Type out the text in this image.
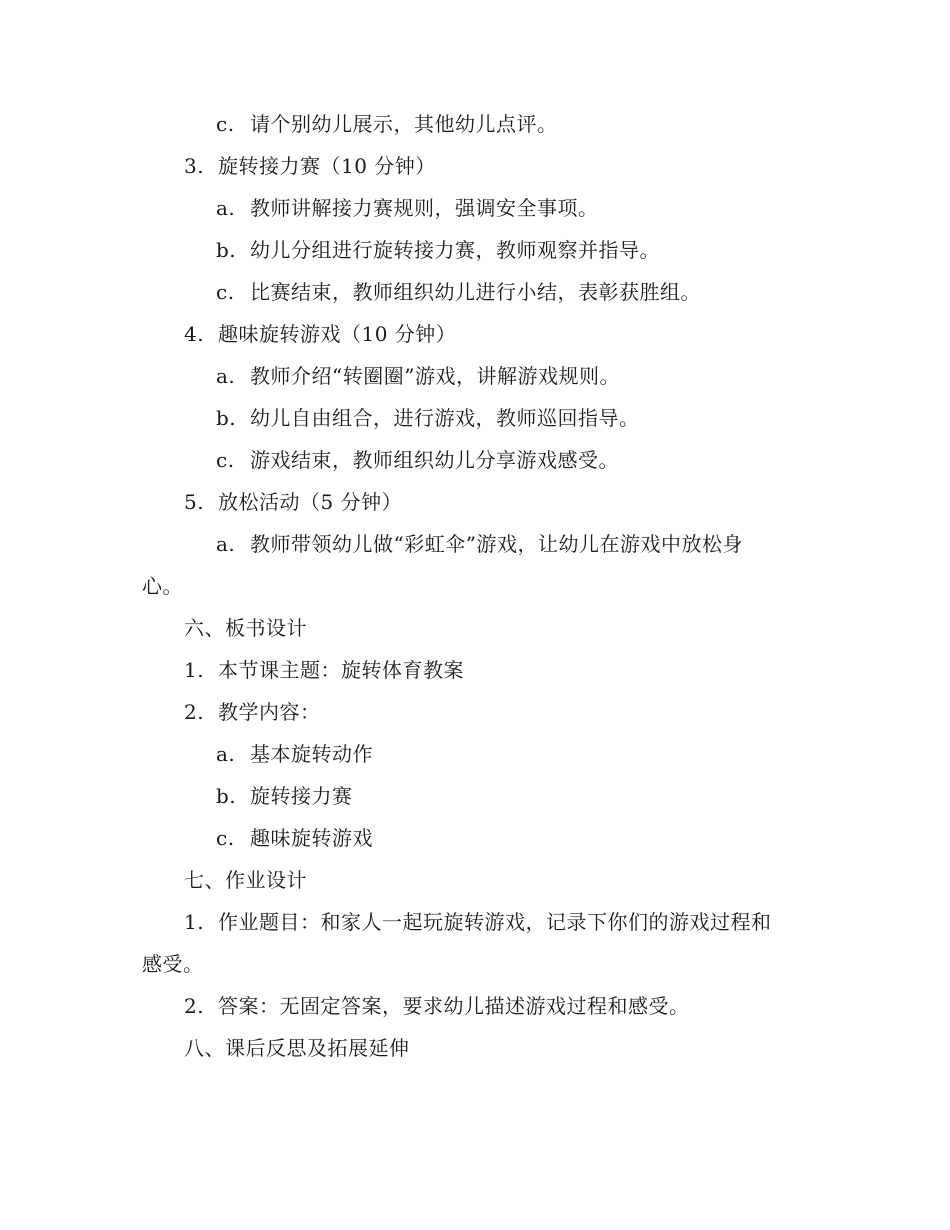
c. 请个别幼儿展示，其他幼儿点评。
3. 旋转接力赛（10 分钟）
a. 教师讲解接力赛规则，强调安全事项。
b. 幼儿分组进行旋转接力赛，教师观察并指导。
c. 比赛结束，教师组织幼儿进行小结，表彰获胜组。
4. 趣味旋转游戏（10 分钟）
a. 教师介绍“转圈圈”游戏，讲解游戏规则。
b. 幼儿自由组合，进行游戏，教师巡回指导。
c. 游戏结束，教师组织幼儿分享游戏感受。
5. 放松活动（5 分钟）
a. 教师带领幼儿做“彩虹伞”游戏，让幼儿在游戏中放松身
心。
六、板书设计
1. 本节课主题：旋转体育教案
2. 教学内容：
a. 基本旋转动作
b. 旋转接力赛
c. 趣味旋转游戏
七、作业设计
1. 作业题目：和家人一起玩旋转游戏，记录下你们的游戏过程和
感受。
2. 答案：无固定答案，要求幼儿描述游戏过程和感受。
八、课后反思及拓展延伸
